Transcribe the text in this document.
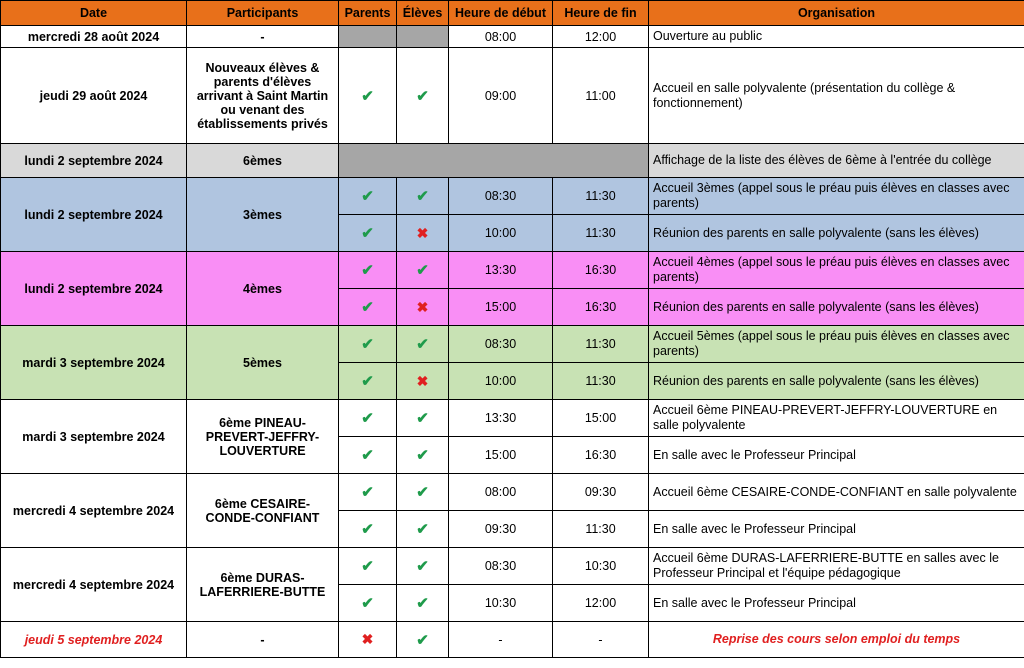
Date	Participants	Parents	Élèves	Heure de début	Heure de fin	Organisation
mercredi 28 août 2024	-			08:00	12:00	Ouverture au public
jeudi 29 août 2024	Nouveaux élèves & parents d'élèves arrivant à Saint Martin ou venant des établissements privés	✔	✔	09:00	11:00	Accueil en salle polyvalente (présentation du collège & fonctionnement)
lundi 2 septembre 2024	6èmes					Affichage de la liste des élèves de 6ème à l'entrée du collège
lundi 2 septembre 2024	3èmes	✔	✔	08:30	11:30	Accueil 3èmes (appel sous le préau puis élèves en classes avec parents)
		✔	✖	10:00	11:30	Réunion des parents en salle polyvalente (sans les élèves)
lundi 2 septembre 2024	4èmes	✔	✔	13:30	16:30	Accueil 4èmes (appel sous le préau puis élèves en classes avec parents)
		✔	✖	15:00	16:30	Réunion des parents en salle polyvalente (sans les élèves)
mardi 3 septembre 2024	5èmes	✔	✔	08:30	11:30	Accueil 5èmes (appel sous le préau puis élèves en classes avec parents)
		✔	✖	10:00	11:30	Réunion des parents en salle polyvalente (sans les élèves)
mardi 3 septembre 2024	6ème PINEAU-PREVERT-JEFFRY-LOUVERTURE	✔	✔	13:30	15:00	Accueil 6ème PINEAU-PREVERT-JEFFRY-LOUVERTURE en salle polyvalente
		✔	✔	15:00	16:30	En salle avec le Professeur Principal
mercredi 4 septembre 2024	6ème CESAIRE-CONDE-CONFIANT	✔	✔	08:00	09:30	Accueil 6ème CESAIRE-CONDE-CONFIANT en salle polyvalente
		✔	✔	09:30	11:30	En salle avec le Professeur Principal
mercredi 4 septembre 2024	6ème DURAS-LAFERRIERE-BUTTE	✔	✔	08:30	10:30	Accueil 6ème DURAS-LAFERRIERE-BUTTE en salles avec le Professeur Principal et l'équipe pédagogique
		✔	✔	10:30	12:00	En salle avec le Professeur Principal
jeudi 5 septembre 2024	-	✖	✔	-	-	Reprise des cours selon emploi du temps
